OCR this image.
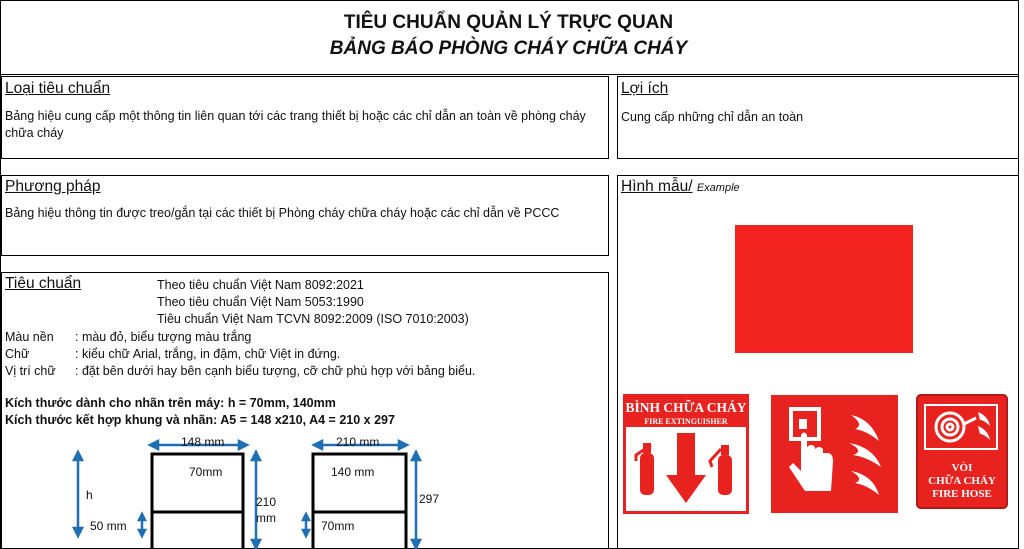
TIÊU CHUẨN QUẢN LÝ TRỰC QUAN
BẢNG BÁO PHÒNG CHÁY CHỮA CHÁY
Loại tiêu chuẩn
Bảng hiệu cung cấp một thông tin liên quan tới các trang thiết bị hoặc các chỉ dẫn an toàn về phòng cháy chữa cháy
Lợi ích
Cung cấp những chỉ dẫn an toàn
Phương pháp
Bảng hiệu thông tin được treo/gắn tại các thiết bị Phòng cháy chữa cháy hoặc các chỉ dẫn về PCCC
Tiêu chuẩn	Theo tiêu chuẩn Việt Nam 8092:2021
Theo tiêu chuẩn Việt Nam 5053:1990
Tiêu chuẩn Việt Nam TCVN 8092:2009 (ISO 7010:2003)
Màu nền : màu đỏ, biểu tượng màu trắng
Chữ	: kiểu chữ Arial, trắng, in đậm, chữ Việt in đứng.
Vị trí chữ : đặt bên dưới hay bên cạnh biểu tượng, cỡ chữ phù hợp với bảng biểu.
Kích thước dành cho nhãn trên máy: h = 70mm, 140mm
Kích thước kết hợp khung và nhãn: A5 = 148 x210, A4 = 210 x 297
148 mm
70mm
h	210
mm
50 mm
210 mm
140 mm
297
70mm
Hình mẫu/ Example
BÌNH CHỮA CHÁY
FIRE EXTINGUISHER
VÒI
CHỮA CHÁY
FIRE HOSE
